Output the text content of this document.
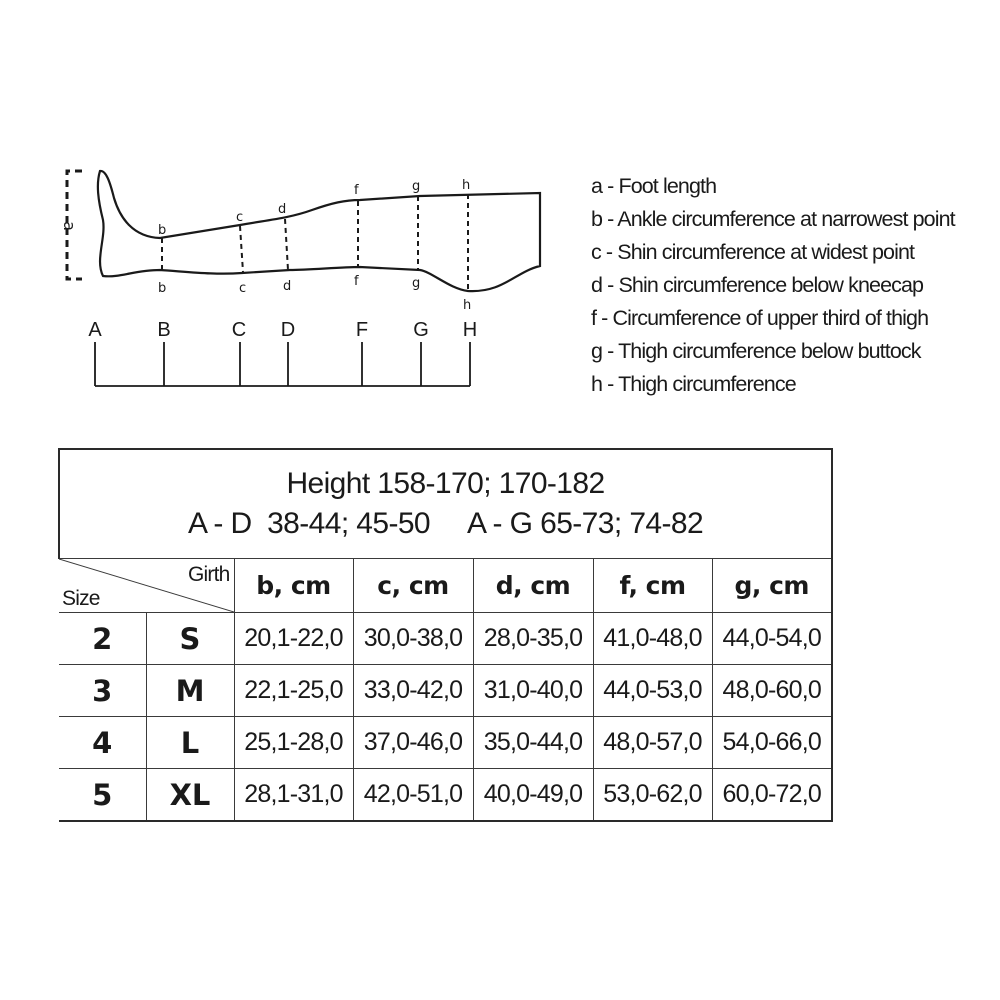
a	b
c
d
f	g	h
b	c	d	f	g
h
A	B	C D	F G H
a - Foot length
b - Ankle circumference at narrowest point
c - Shin circumference at widest point
d - Shin circumference below kneecap
f - Circumference of upper third of thigh
g - Thigh circumference below buttock
h - Thigh circumference
Height 158-170; 170-182
A - D  38-44; 45-50     A - G 65-73; 74-82						

Girth
Size		b, cm	c, cm	d, cm	f, cm	g, cm
2	S	20,1-22,0	30,0-38,0	28,0-35,0	41,0-48,0	44,0-54,0
3	M	22,1-25,0	33,0-42,0	31,0-40,0	44,0-53,0	48,0-60,0
4	L	25,1-28,0	37,0-46,0	35,0-44,0	48,0-57,0	54,0-66,0
5	XL	28,1-31,0	42,0-51,0	40,0-49,0	53,0-62,0	60,0-72,0
